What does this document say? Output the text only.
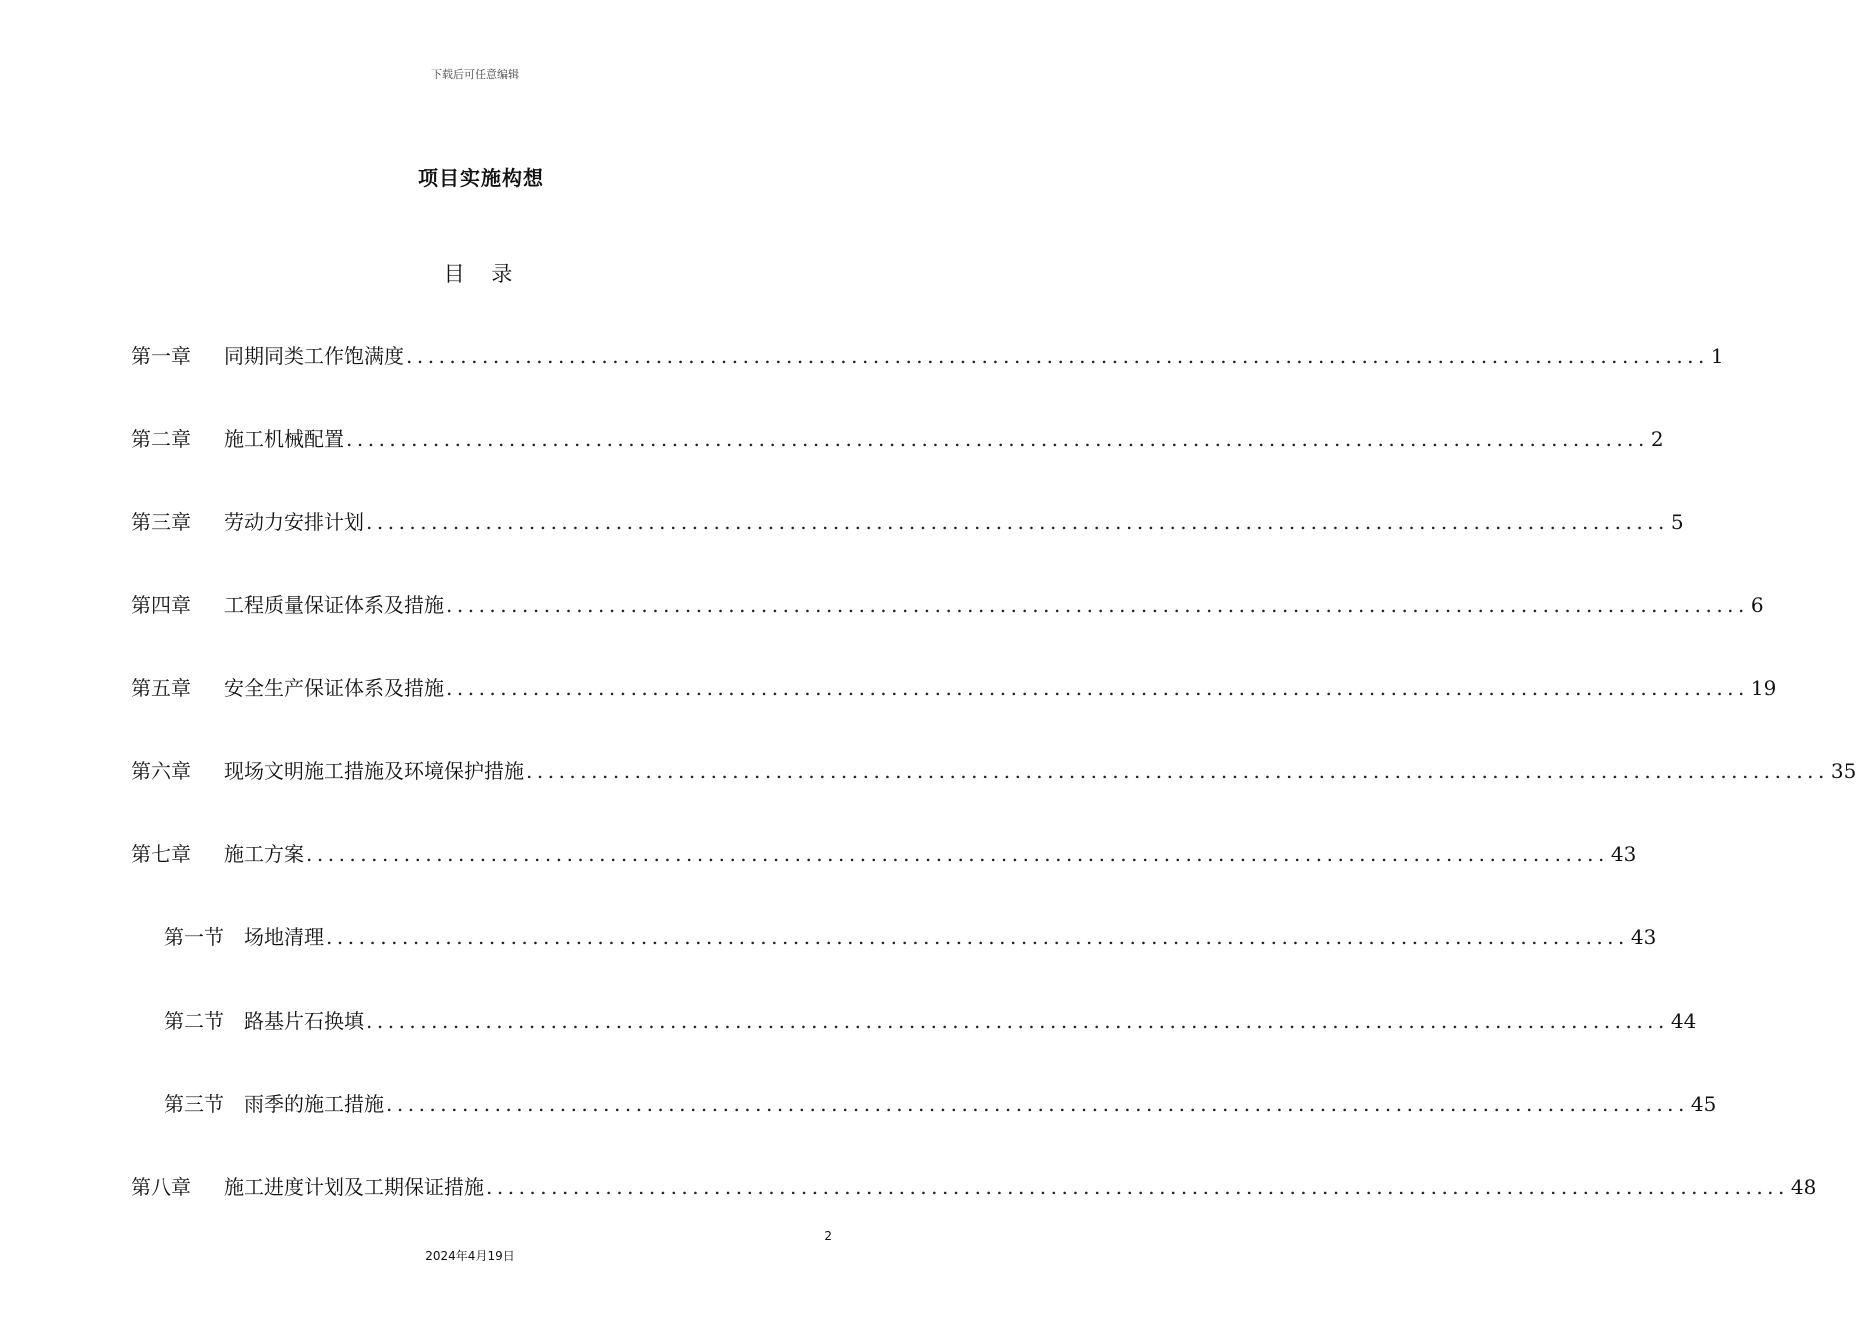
下载后可任意编辑
项目实施构想
目 录
第一章	同期同类工作饱满度 ........................................................................................................................ 1
第二章	施工机械配置 ........................................................................................................................ 2
第三章	劳动力安排计划 ........................................................................................................................ 5
第四章	工程质量保证体系及措施 ........................................................................................................................ 6
第五章	安全生产保证体系及措施 ........................................................................................................................ 19
第六章	现场文明施工措施及环境保护措施 ........................................................................................................................ 35
第七章	施工方案 ........................................................................................................................ 43
第一节	场地清理 ........................................................................................................................ 43
第二节	路基片石换填 ........................................................................................................................ 44
第三节	雨季的施工措施 ........................................................................................................................ 45
第八章	施工进度计划及工期保证措施 ........................................................................................................................ 48
2
2024年4月19日
